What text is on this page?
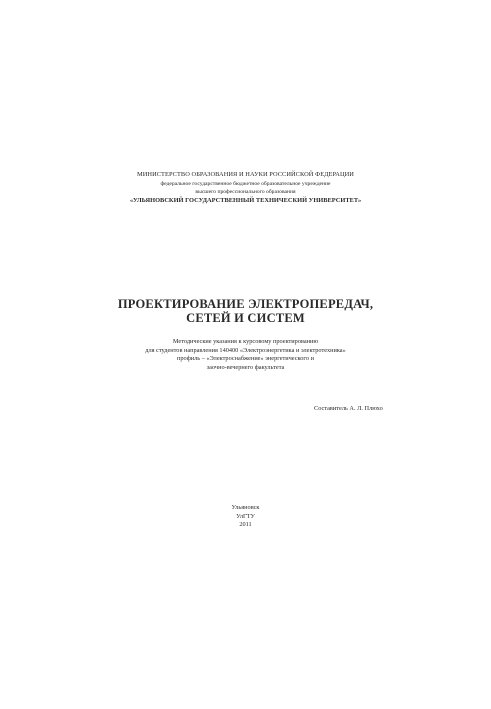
МИНИСТЕРСТВО ОБРАЗОВАНИЯ И НАУКИ РОССИЙСКОЙ ФЕДЕРАЦИИ
федеральное государственное бюджетное образовательное учреждение
высшего профессионального образования
«УЛЬЯНОВСКИЙ ГОСУДАРСТВЕННЫЙ ТЕХНИЧЕСКИЙ УНИВЕРСИТЕТ»
ПРОЕКТИРОВАНИЕ ЭЛЕКТРОПЕРЕДАЧ,
СЕТЕЙ И СИСТЕМ
Методические указания к курсовому проектированию
для студентов направления 140400 «Электроэнергетика и электротехника»
профиль – «Электроснабжение» энергетического и
заочно-вечернего факультета
Составитель А. Л. Плюхо
Ульяновск
УлГТУ
2011
